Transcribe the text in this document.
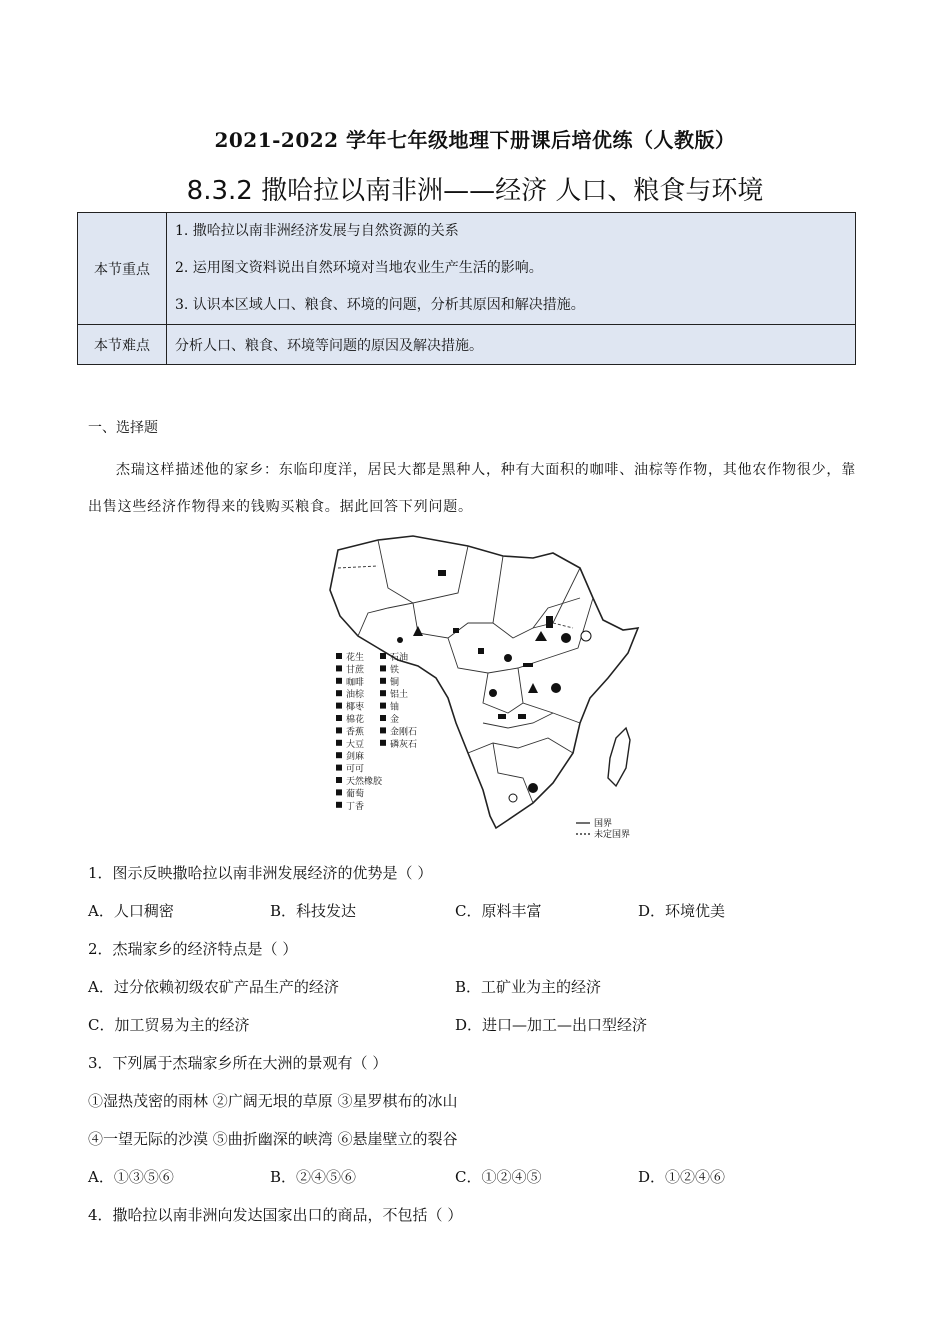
2021-2022 学年七年级地理下册课后培优练（人教版）
8.3.2 撒哈拉以南非洲——经济 人口、粮食与环境
本节重点	1. 撒哈拉以南非洲经济发展与自然资源的关系
2. 运用图文资料说出自然环境对当地农业生产生活的影响。
3. 认识本区域人口、粮食、环境的问题，分析其原因和解决措施。

本节难点	分析人口、粮食、环境等问题的原因及解决措施。
一、选择题
杰瑞这样描述他的家乡：东临印度洋，居民大都是黑种人，种有大面积的咖啡、油棕等作物，其他农作物很少，靠出售这些经济作物得来的钱购买粮食。据此回答下列问题。
花生
甘蔗
咖啡
油棕
椰枣
棉花
香蕉
大豆
剑麻
可可
天然橡胶
葡萄
丁香
石油
铁
铜
铝土
铀
金
金刚石
磷灰石
国界
未定国界
1．图示反映撒哈拉以南非洲发展经济的优势是（ ）
A．人口稠密	B．科技发达	C．原料丰富	D．环境优美
2．杰瑞家乡的经济特点是（ ）
A．过分依赖初级农矿产品生产的经济	B．工矿业为主的经济
C．加工贸易为主的经济	D．进口—加工—出口型经济
3．下列属于杰瑞家乡所在大洲的景观有（ ）
①湿热茂密的雨林 ②广阔无垠的草原 ③星罗棋布的冰山
④一望无际的沙漠 ⑤曲折幽深的峡湾 ⑥悬崖壁立的裂谷
A．①③⑤⑥	B．②④⑤⑥	C．①②④⑤	D．①②④⑥
4．撒哈拉以南非洲向发达国家出口的商品，不包括（ ）
